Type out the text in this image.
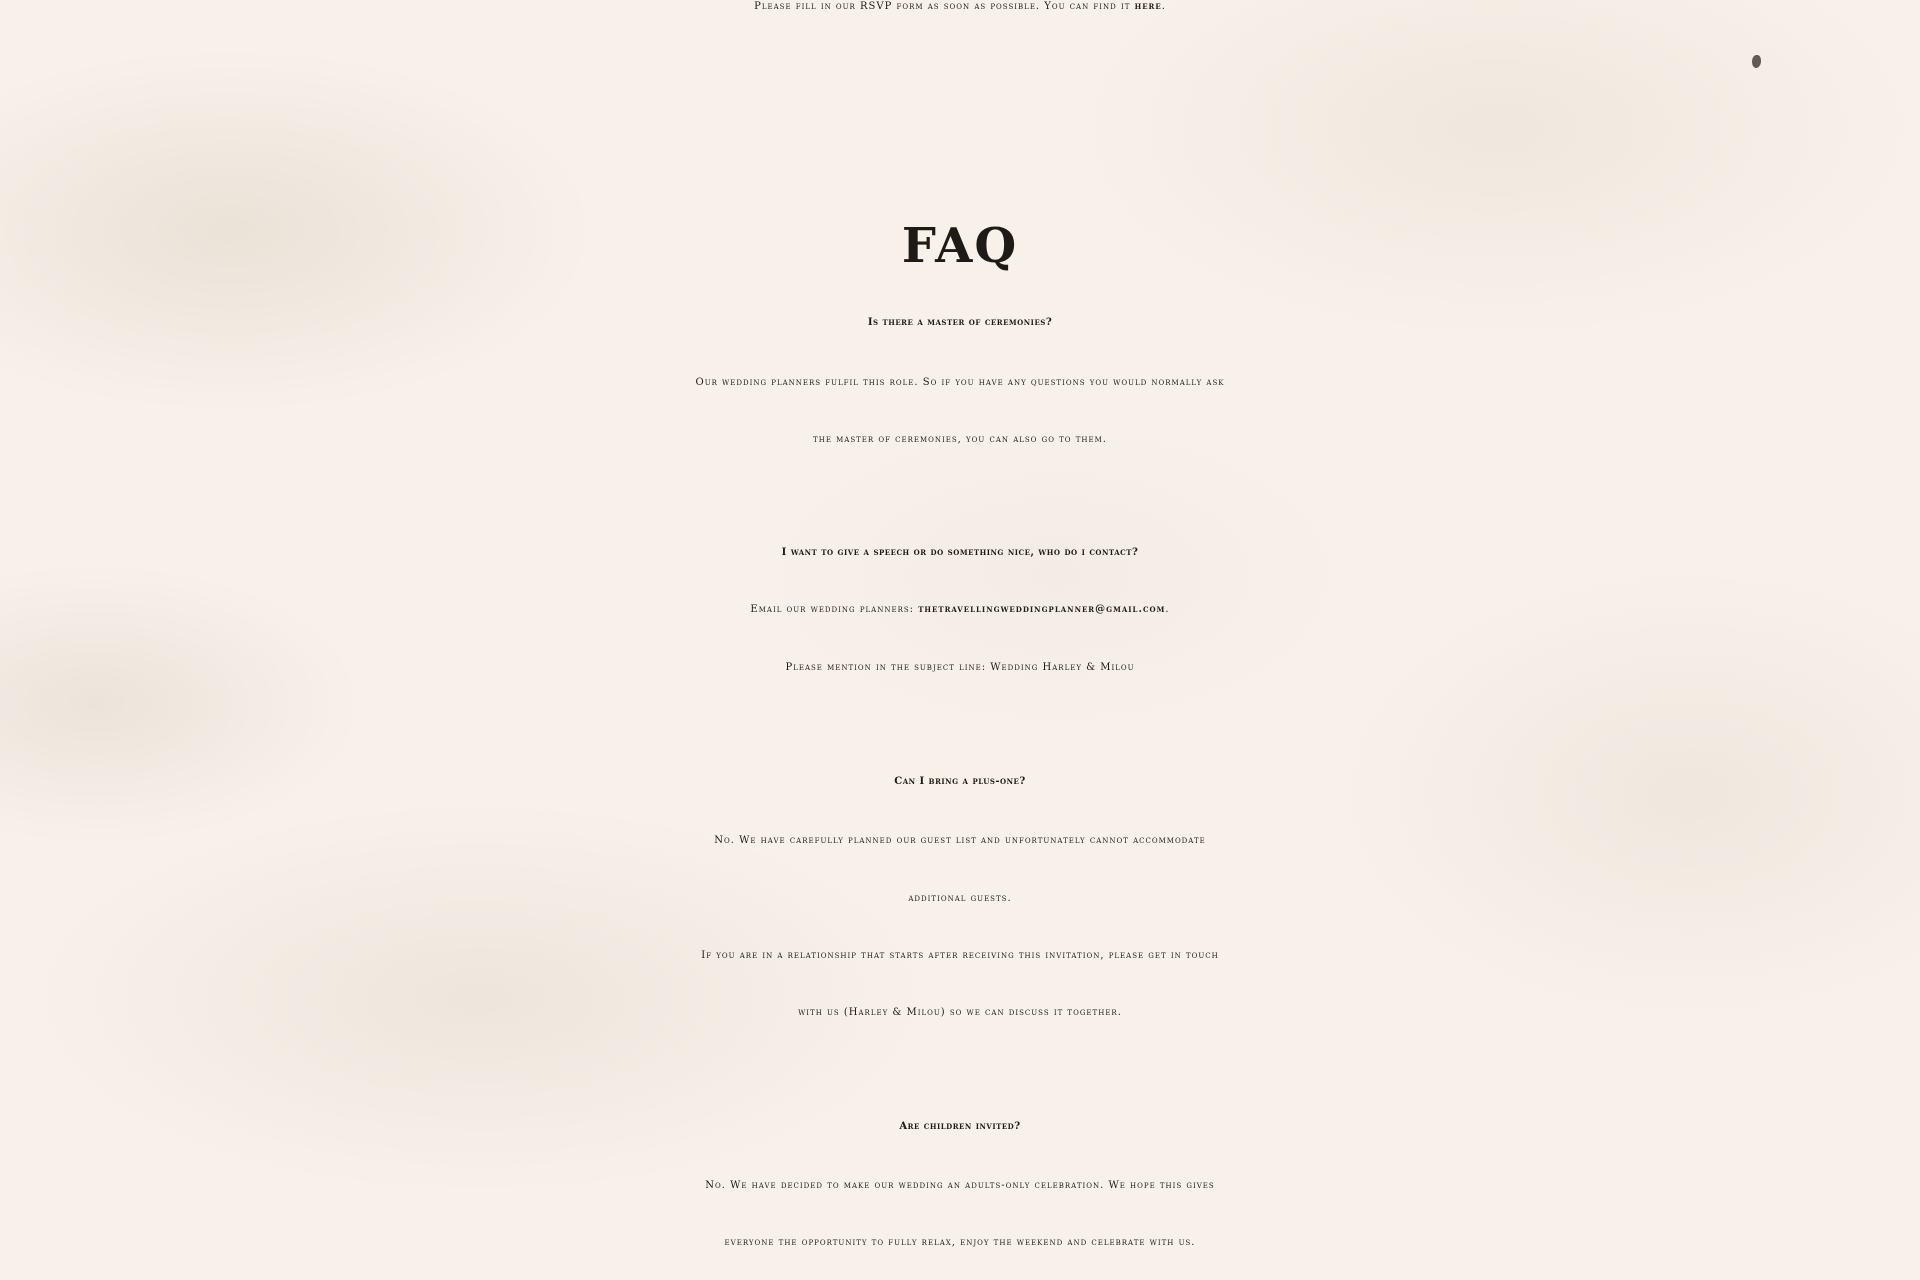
Please fill in our RSVP form as soon as possible. You can find it here.
FAQ
Is there a master of ceremonies?
Our wedding planners fulfil this role. So if you have any questions you would normally ask
the master of ceremonies, you can also go to them.
I want to give a speech or do something nice, who do i contact?
Email our wedding planners: thetravellingweddingplanner@gmail.com.
Please mention in the subject line: Wedding Harley & Milou
Can I bring a plus-one?
No. We have carefully planned our guest list and unfortunately cannot accommodate
additional guests.
If you are in a relationship that starts after receiving this invitation, please get in touch
with us (Harley & Milou) so we can discuss it together.
Are children invited?
No. We have decided to make our wedding an adults-only celebration. We hope this gives
everyone the opportunity to fully relax, enjoy the weekend and celebrate with us.
